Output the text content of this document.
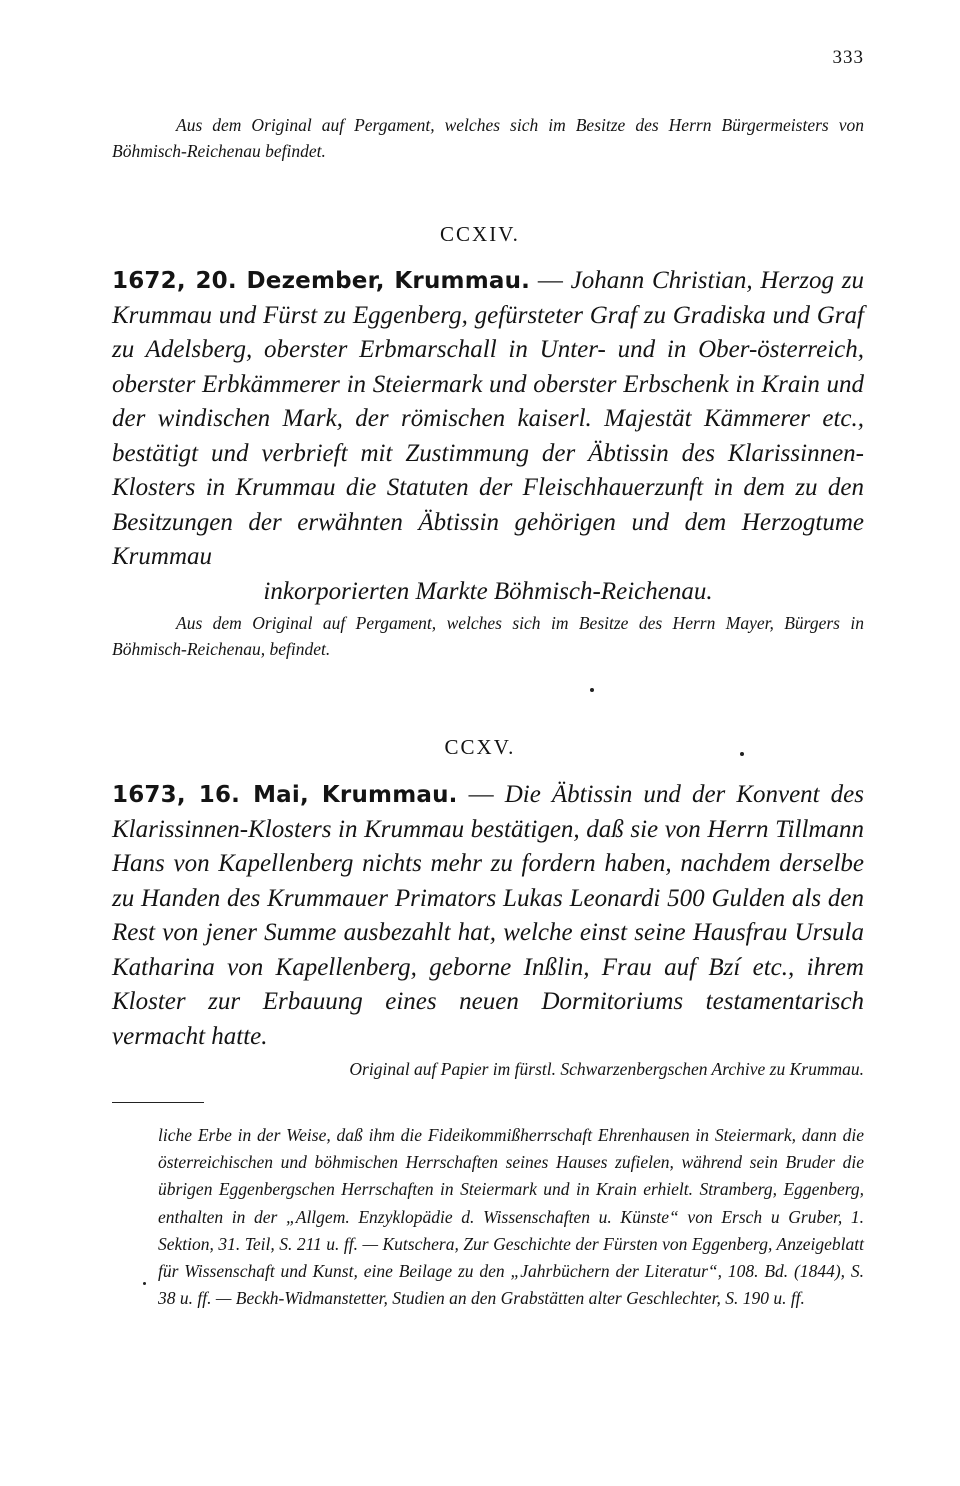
333
Aus dem Original auf Pergament, welches sich im Besitze des Herrn Bürgermeisters von Böhmisch-Reichenau befindet.
CCXIV.
1672, 20. Dezember, Krummau. — Johann Christian, Herzog zu Krummau und Fürst zu Eggenberg, gefürsteter Graf zu Gradiska und Graf zu Adelsberg, oberster Erbmarschall in Unter- und in Ober-österreich, oberster Erbkämmerer in Steiermark und oberster Erbschenk in Krain und der windischen Mark, der römischen kaiserl. Majestät Kämmerer etc., bestätigt und verbrieft mit Zustimmung der Äbtissin des Klarissinnen-Klosters in Krummau die Statuten der Fleischhauerzunft in dem zu den Besitzungen der erwähnten Äbtissin gehörigen und dem Herzogtume Krummau
inkorporierten Markte Böhmisch-Reichenau.
Aus dem Original auf Pergament, welches sich im Besitze des Herrn Mayer, Bürgers in Böhmisch-Reichenau, befindet.
CCXV.
1673, 16. Mai, Krummau. — Die Äbtissin und der Konvent des Klarissinnen-Klosters in Krummau bestätigen, daß sie von Herrn Tillmann Hans von Kapellenberg nichts mehr zu fordern haben, nachdem derselbe zu Handen des Krummauer Primators Lukas Leonardi 500 Gulden als den Rest von jener Summe ausbezahlt hat, welche einst seine Hausfrau Ursula Katharina von Kapellenberg, geborne Inßlin, Frau auf Bzí etc., ihrem Kloster zur Erbauung eines neuen Dormitoriums testamentarisch vermacht hatte.
Original auf Papier im fürstl. Schwarzenbergschen Archive zu Krummau.
liche Erbe in der Weise, daß ihm die Fideikommißherrschaft Ehrenhausen in Steiermark, dann die österreichischen und böhmischen Herrschaften seines Hauses zufielen, während sein Bruder die übrigen Eggenbergschen Herrschaften in Steiermark und in Krain erhielt. Stramberg, Eggenberg, enthalten in der „Allgem. Enzyklopädie d. Wissenschaften u. Künste“ von Ersch u Gruber, 1. Sektion, 31. Teil, S. 211 u. ff. — Kutschera, Zur Geschichte der Fürsten von Eggenberg, Anzeigeblatt für Wissenschaft und Kunst, eine Beilage zu den „Jahrbüchern der Literatur“, 108. Bd. (1844), S. 38 u. ff. — Beckh-Widmanstetter, Studien an den Grabstätten alter Geschlechter, S. 190 u. ff.
